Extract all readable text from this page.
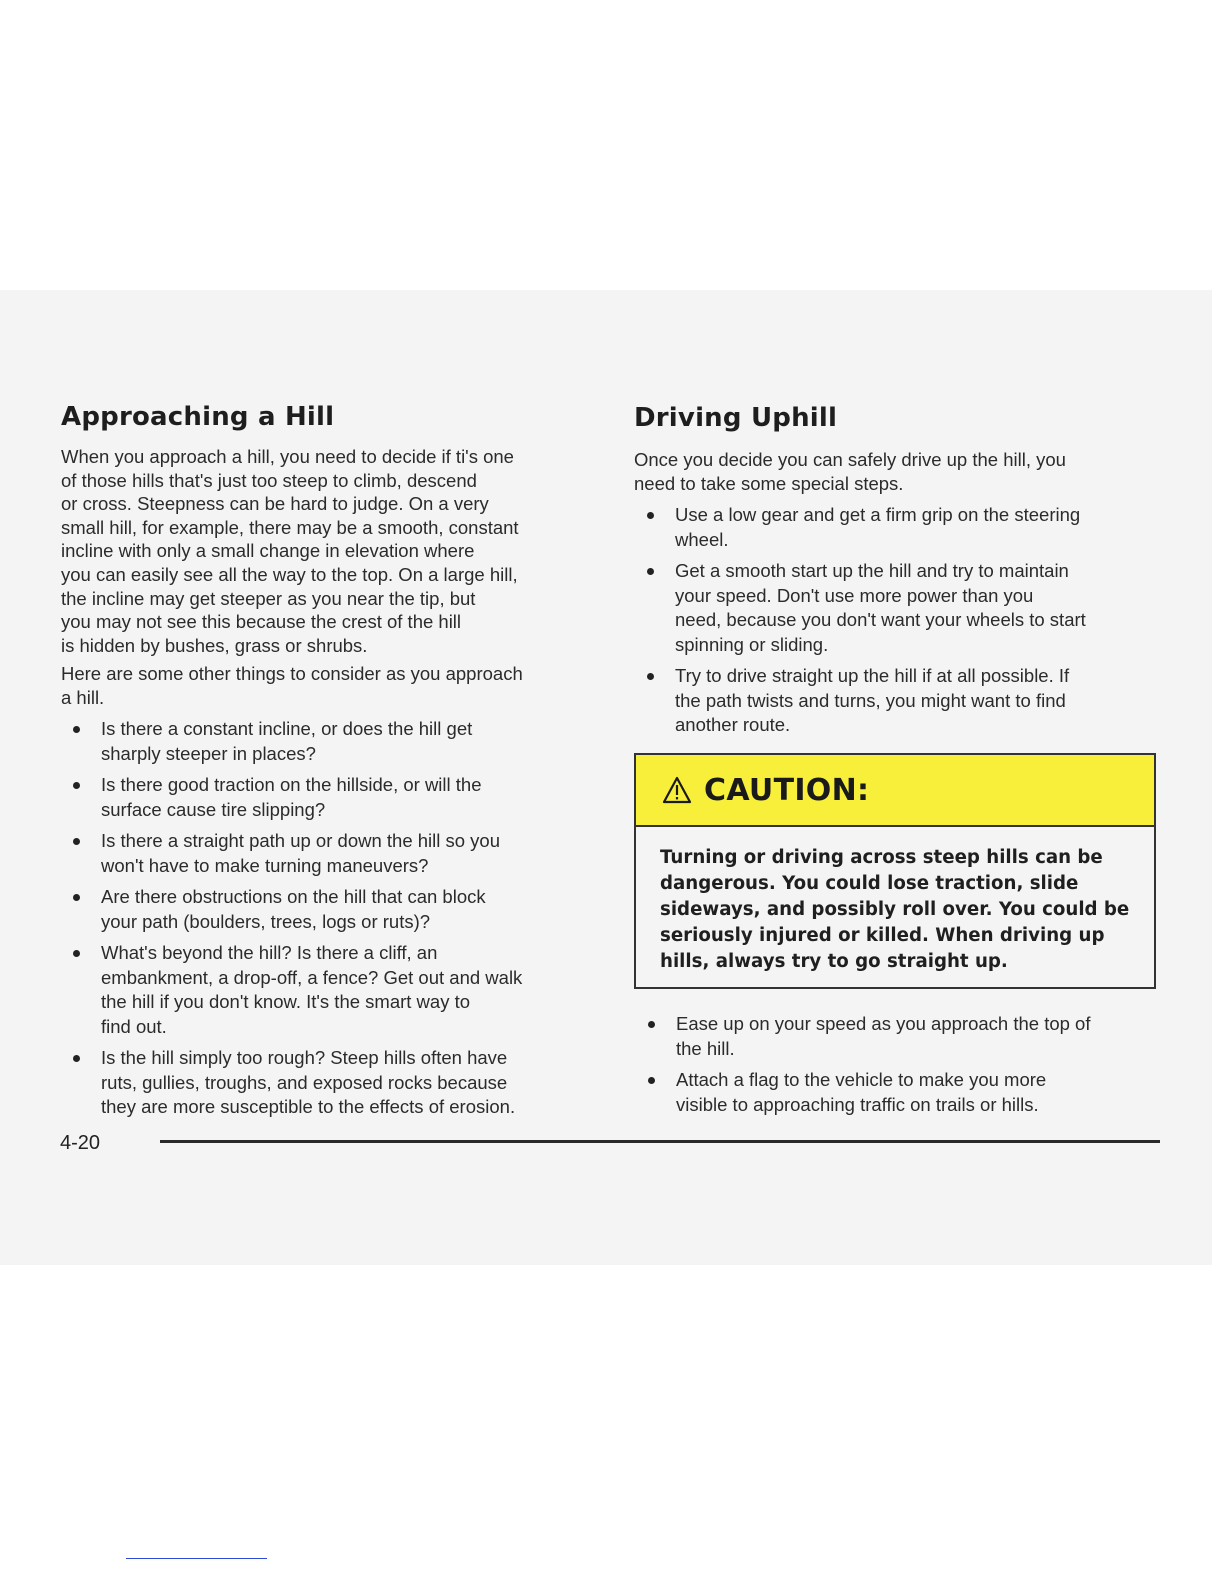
Approaching a Hill

When you approach a hill, you need to decide if ti's one
of those hills that's just too steep to climb, descend
or cross. Steepness can be hard to judge. On a very
small hill, for example, there may be a smooth, constant
incline with only a small change in elevation where
you can easily see all the way to the top. On a large hill,
the incline may get steeper as you near the tip, but
you may not see this because the crest of the hill
is hidden by bushes, grass or shrubs.

Here are some other things to consider as you approach
a hill.

Is there a constant incline, or does the hill get
sharply steeper in places?
Is there good traction on the hillside, or will the
surface cause tire slipping?
Is there a straight path up or down the hill so you
won't have to make turning maneuvers?
Are there obstructions on the hill that can block
your path (boulders, trees, logs or ruts)?
What's beyond the hill? Is there a cliff, an
embankment, a drop-off, a fence? Get out and walk
the hill if you don't know. It's the smart way to
find out.
Is the hill simply too rough? Steep hills often have
ruts, gullies, troughs, and exposed rocks because
they are more susceptible to the effects of erosion.
Driving Uphill

Once you decide you can safely drive up the hill, you
need to take some special steps.

Use a low gear and get a firm grip on the steering
wheel.
Get a smooth start up the hill and try to maintain
your speed. Don't use more power than you
need, because you don't want your wheels to start
spinning or sliding.
Try to drive straight up the hill if at all possible. If
the path twists and turns, you might want to find
another route.
CAUTION:
Turning or driving across steep hills can be
dangerous. You could lose traction, slide
sideways, and possibly roll over. You could be
seriously injured or killed. When driving up
hills, always try to go straight up.
Ease up on your speed as you approach the top of
the hill.
Attach a flag to the vehicle to make you more
visible to approaching traffic on trails or hills.
4-20
